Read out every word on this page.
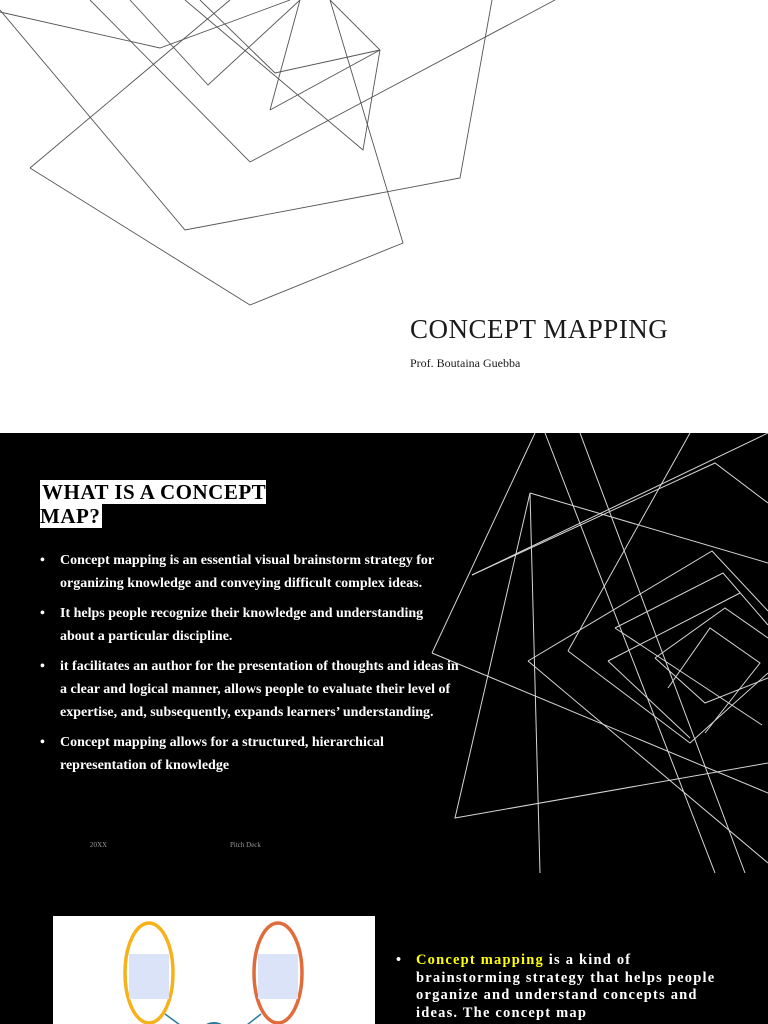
CONCEPT MAPPING
Prof. Boutaina Guebba
WHAT IS A CONCEPT MAP?
• Concept mapping is an essential visual brainstorm strategy for organizing knowledge and conveying difficult complex ideas.
• It helps people recognize their knowledge and understanding about a particular discipline.
• it facilitates an author for the presentation of thoughts and ideas in a clear and logical manner, allows people to evaluate their level of expertise, and, subsequently, expands learners’ understanding.
• Concept mapping allows for a structured, hierarchical representation of knowledge
20XX	Pitch Deck
• Concept mapping is a kind of brainstorming strategy that helps people organize and understand concepts and ideas. The concept map
